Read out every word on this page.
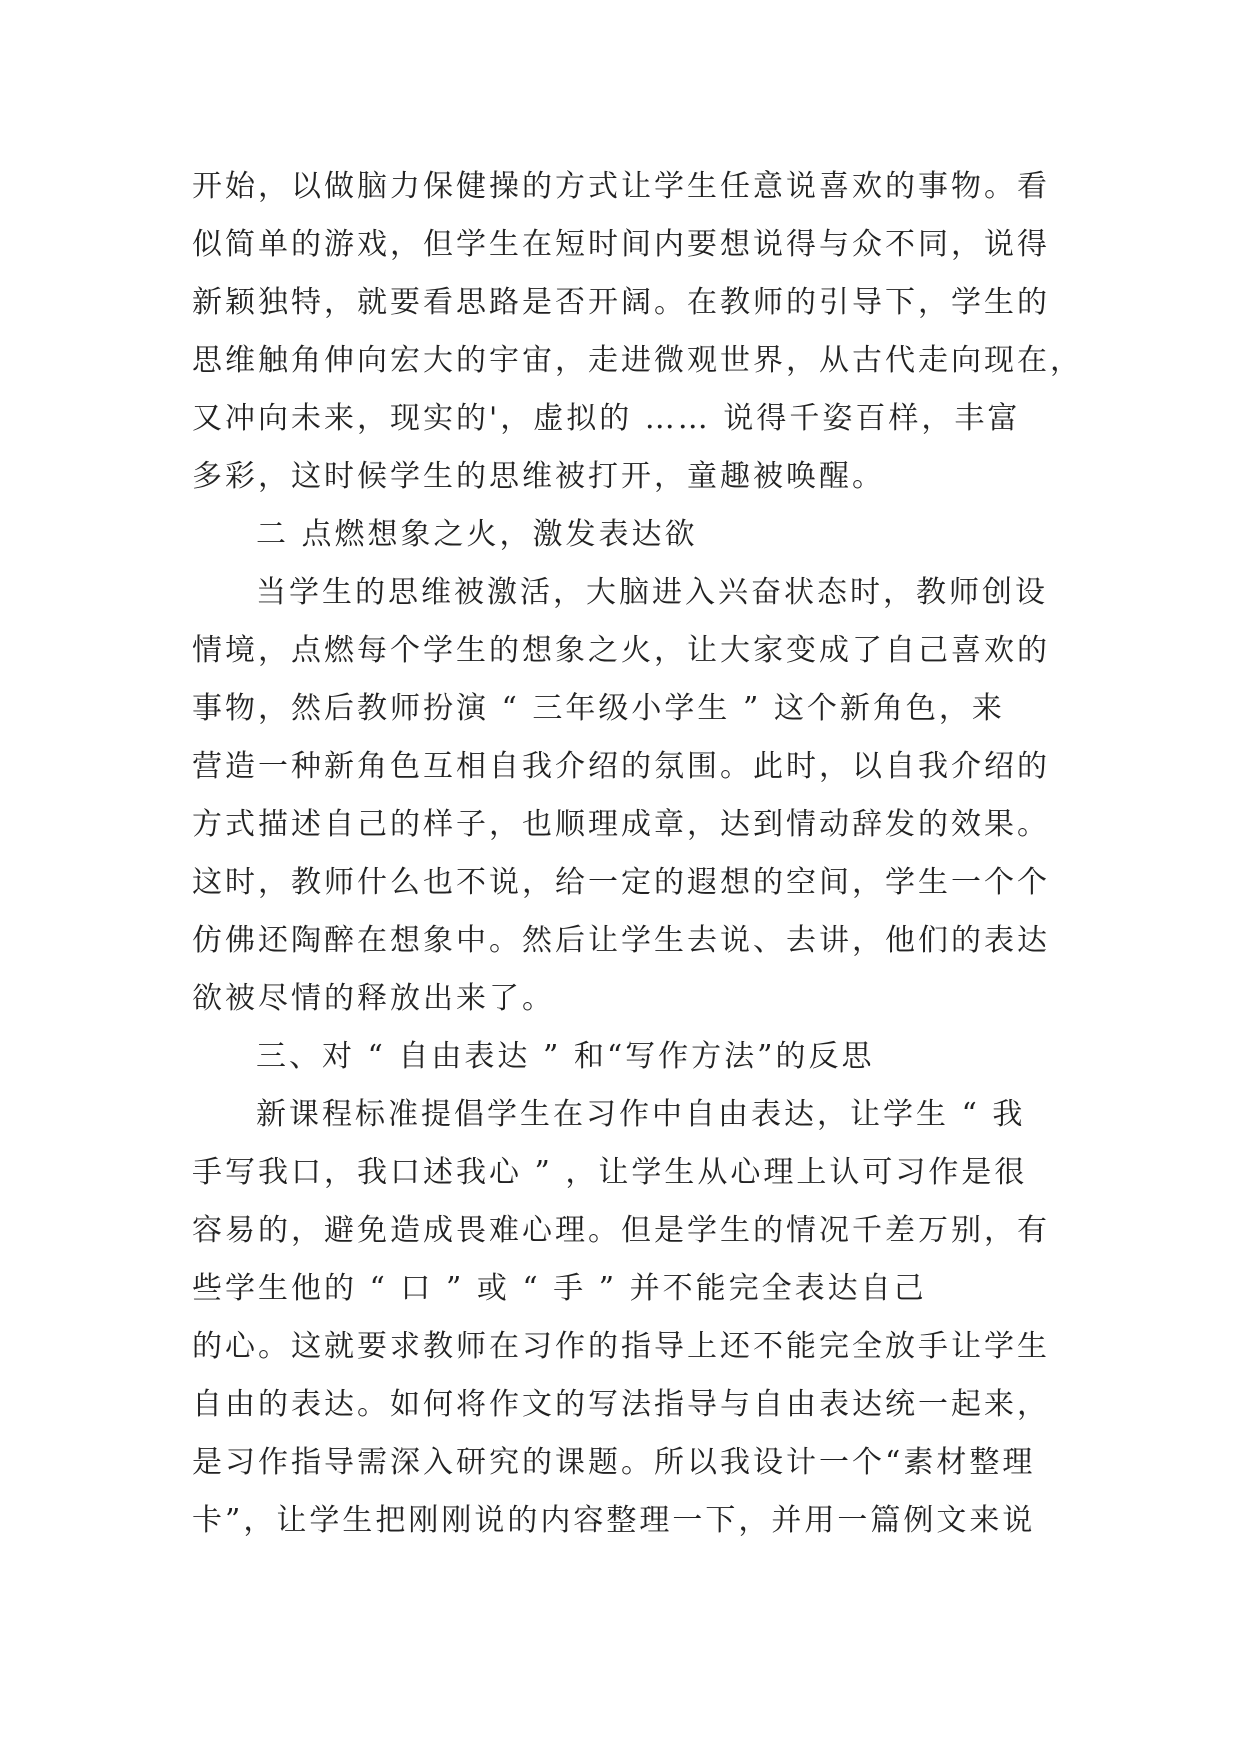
开始，以做脑力保健操的方式让学生任意说喜欢的事物。看
似简单的游戏，但学生在短时间内要想说得与众不同，说得
新颖独特，就要看思路是否开阔。在教师的引导下，学生的
思维触角伸向宏大的宇宙，走进微观世界，从古代走向现在，
又冲向未来，现实的'，虚拟的 …… 说得千姿百样，丰富
多彩，这时候学生的思维被打开，童趣被唤醒。
二 点燃想象之火，激发表达欲
当学生的思维被激活，大脑进入兴奋状态时，教师创设
情境，点燃每个学生的想象之火，让大家变成了自己喜欢的
事物，然后教师扮演 “ 三年级小学生 ” 这个新角色，来
营造一种新角色互相自我介绍的氛围。此时，以自我介绍的
方式描述自己的样子，也顺理成章，达到情动辞发的效果。
这时，教师什么也不说，给一定的遐想的空间，学生一个个
仿佛还陶醉在想象中。然后让学生去说、去讲，他们的表达
欲被尽情的释放出来了。
三、对 “ 自由表达 ” 和“写作方法”的反思
新课程标准提倡学生在习作中自由表达，让学生 “ 我
手写我口，我口述我心 ” ，让学生从心理上认可习作是很
容易的，避免造成畏难心理。但是学生的情况千差万别，有
些学生他的 “ 口 ” 或 “ 手 ” 并不能完全表达自己
的心。这就要求教师在习作的指导上还不能完全放手让学生
自由的表达。如何将作文的写法指导与自由表达统一起来，
是习作指导需深入研究的课题。所以我设计一个“素材整理
卡”，让学生把刚刚说的内容整理一下，并用一篇例文来说
